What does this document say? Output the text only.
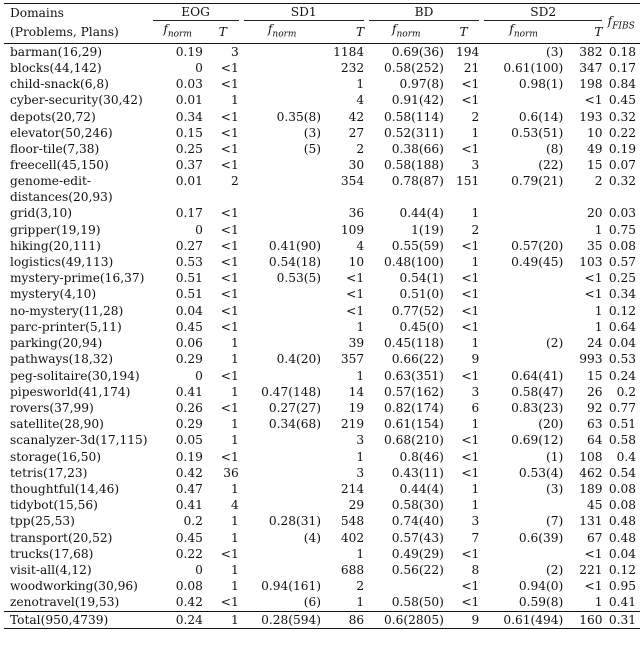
Domains	EOG		SD1		BD		SD2		$f_{FIBS}$
(Problems, Plans)	$f_{norm}$	T		$f_{norm}$	T		$f_{norm}$	T		$f_{norm}$	T	
barman(16,29)	0.19	3			1184		0.69(36)	194		(3)	382	0.18
blocks(44,142)	0	<1			232		0.58(252)	21		0.61(100)	347	0.17
child-snack(6,8)	0.03	<1			1		0.97(8)	<1		0.98(1)	198	0.84
cyber-security(30,42)	0.01	1			4		0.91(42)	<1			<1	0.45
depots(20,72)	0.34	<1		0.35(8)	42		0.58(114)	2		0.6(14)	193	0.32
elevator(50,246)	0.15	<1		(3)	27		0.52(311)	1		0.53(51)	10	0.22
floor-tile(7,38)	0.25	<1		(5)	2		0.38(66)	<1		(8)	49	0.19
freecell(45,150)	0.37	<1			30		0.58(188)	3		(22)	15	0.07
genome-edit-
distances(20,93)	0.01	2			354		0.78(87)	151		0.79(21)	2	0.32
grid(3,10)	0.17	<1			36		0.44(4)	1			20	0.03
gripper(19,19)	0	<1			109		1(19)	2			1	0.75
hiking(20,111)	0.27	<1		0.41(90)	4		0.55(59)	<1		0.57(20)	35	0.08
logistics(49,113)	0.53	<1		0.54(18)	10		0.48(100)	1		0.49(45)	103	0.57
mystery-prime(16,37)	0.51	<1		0.53(5)	<1		0.54(1)	<1			<1	0.25
mystery(4,10)	0.51	<1			<1		0.51(0)	<1			<1	0.34
no-mystery(11,28)	0.04	<1			<1		0.77(52)	<1			1	0.12
parc-printer(5,11)	0.45	<1			1		0.45(0)	<1			1	0.64
parking(20,94)	0.06	1			39		0.45(118)	1		(2)	24	0.04
pathways(18,32)	0.29	1		0.4(20)	357		0.66(22)	9			993	0.53
peg-solitaire(30,194)	0	<1			1		0.63(351)	<1		0.64(41)	15	0.24
pipesworld(41,174)	0.41	1		0.47(148)	14		0.57(162)	3		0.58(47)	26	0.2
rovers(37,99)	0.26	<1		0.27(27)	19		0.82(174)	6		0.83(23)	92	0.77
satellite(28,90)	0.29	1		0.34(68)	219		0.61(154)	1		(20)	63	0.51
scanalyzer-3d(17,115)	0.05	1			3		0.68(210)	<1		0.69(12)	64	0.58
storage(16,50)	0.19	<1			1		0.8(46)	<1		(1)	108	0.4
tetris(17,23)	0.42	36			3		0.43(11)	<1		0.53(4)	462	0.54
thoughtful(14,46)	0.47	1			214		0.44(4)	1		(3)	189	0.08
tidybot(15,56)	0.41	4			29		0.58(30)	1			45	0.08
tpp(25,53)	0.2	1		0.28(31)	548		0.74(40)	3		(7)	131	0.48
transport(20,52)	0.45	1		(4)	402		0.57(43)	7		0.6(39)	67	0.48
trucks(17,68)	0.22	<1			1		0.49(29)	<1			<1	0.04
visit-all(4,12)	0	1			688		0.56(22)	8		(2)	221	0.12
woodworking(30,96)	0.08	1		0.94(161)	2			<1		0.94(0)	<1	0.95
zenotravel(19,53)	0.42	<1		(6)	1		0.58(50)	<1		0.59(8)	1	0.41
Total(950,4739)	0.24	1		0.28(594)	86		0.6(2805)	9		0.61(494)	160	0.31
